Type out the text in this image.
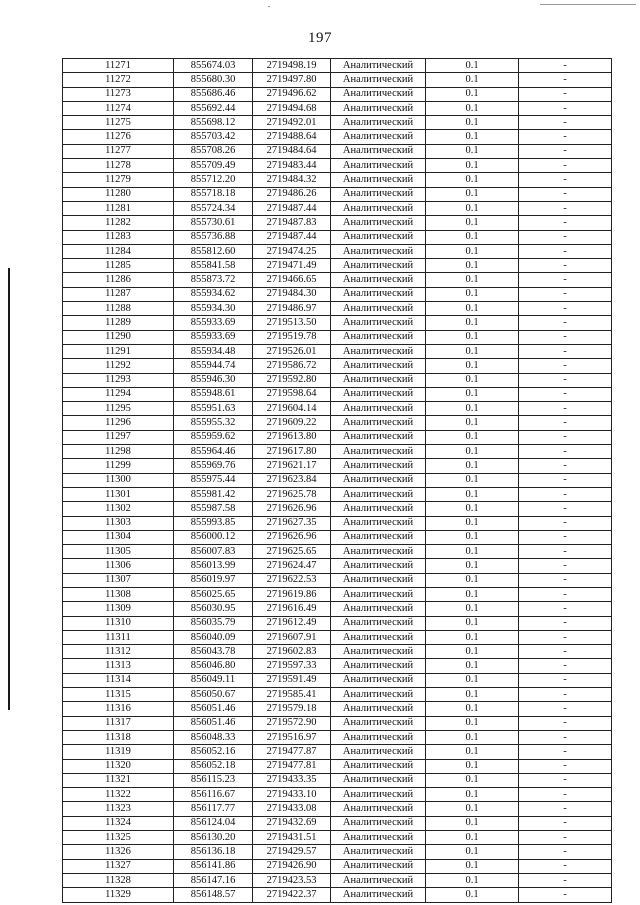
197
11271	855674.03	2719498.19	Аналитический	0.1	-
11272	855680.30	2719497.80	Аналитический	0.1	-
11273	855686.46	2719496.62	Аналитический	0.1	-
11274	855692.44	2719494.68	Аналитический	0.1	-
11275	855698.12	2719492.01	Аналитический	0.1	-
11276	855703.42	2719488.64	Аналитический	0.1	-
11277	855708.26	2719484.64	Аналитический	0.1	-
11278	855709.49	2719483.44	Аналитический	0.1	-
11279	855712.20	2719484.32	Аналитический	0.1	-
11280	855718.18	2719486.26	Аналитический	0.1	-
11281	855724.34	2719487.44	Аналитический	0.1	-
11282	855730.61	2719487.83	Аналитический	0.1	-
11283	855736.88	2719487.44	Аналитический	0.1	-
11284	855812.60	2719474.25	Аналитический	0.1	-
11285	855841.58	2719471.49	Аналитический	0.1	-
11286	855873.72	2719466.65	Аналитический	0.1	-
11287	855934.62	2719484.30	Аналитический	0.1	-
11288	855934.30	2719486.97	Аналитический	0.1	-
11289	855933.69	2719513.50	Аналитический	0.1	-
11290	855933.69	2719519.78	Аналитический	0.1	-
11291	855934.48	2719526.01	Аналитический	0.1	-
11292	855944.74	2719586.72	Аналитический	0.1	-
11293	855946.30	2719592.80	Аналитический	0.1	-
11294	855948.61	2719598.64	Аналитический	0.1	-
11295	855951.63	2719604.14	Аналитический	0.1	-
11296	855955.32	2719609.22	Аналитический	0.1	-
11297	855959.62	2719613.80	Аналитический	0.1	-
11298	855964.46	2719617.80	Аналитический	0.1	-
11299	855969.76	2719621.17	Аналитический	0.1	-
11300	855975.44	2719623.84	Аналитический	0.1	-
11301	855981.42	2719625.78	Аналитический	0.1	-
11302	855987.58	2719626.96	Аналитический	0.1	-
11303	855993.85	2719627.35	Аналитический	0.1	-
11304	856000.12	2719626.96	Аналитический	0.1	-
11305	856007.83	2719625.65	Аналитический	0.1	-
11306	856013.99	2719624.47	Аналитический	0.1	-
11307	856019.97	2719622.53	Аналитический	0.1	-
11308	856025.65	2719619.86	Аналитический	0.1	-
11309	856030.95	2719616.49	Аналитический	0.1	-
11310	856035.79	2719612.49	Аналитический	0.1	-
11311	856040.09	2719607.91	Аналитический	0.1	-
11312	856043.78	2719602.83	Аналитический	0.1	-
11313	856046.80	2719597.33	Аналитический	0.1	-
11314	856049.11	2719591.49	Аналитический	0.1	-
11315	856050.67	2719585.41	Аналитический	0.1	-
11316	856051.46	2719579.18	Аналитический	0.1	-
11317	856051.46	2719572.90	Аналитический	0.1	-
11318	856048.33	2719516.97	Аналитический	0.1	-
11319	856052.16	2719477.87	Аналитический	0.1	-
11320	856052.18	2719477.81	Аналитический	0.1	-
11321	856115.23	2719433.35	Аналитический	0.1	-
11322	856116.67	2719433.10	Аналитический	0.1	-
11323	856117.77	2719433.08	Аналитический	0.1	-
11324	856124.04	2719432.69	Аналитический	0.1	-
11325	856130.20	2719431.51	Аналитический	0.1	-
11326	856136.18	2719429.57	Аналитический	0.1	-
11327	856141.86	2719426.90	Аналитический	0.1	-
11328	856147.16	2719423.53	Аналитический	0.1	-
11329	856148.57	2719422.37	Аналитический	0.1	-
